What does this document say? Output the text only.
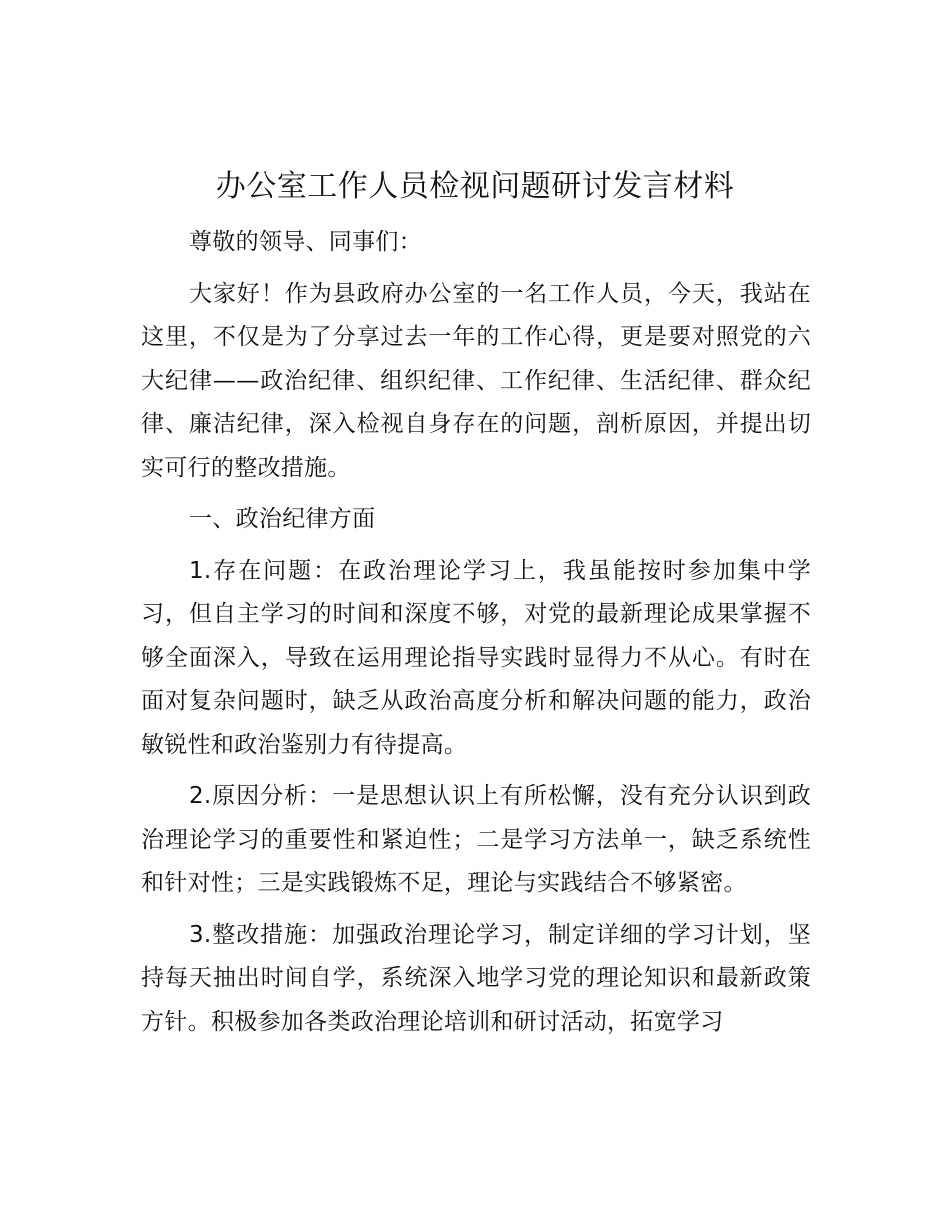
办公室工作人员检视问题研讨发言材料

尊敬的领导、同事们：

大家好！作为县政府办公室的一名工作人员，今天，我站在这里，不仅是为了分享过去一年的工作心得，更是要对照党的六大纪律——政治纪律、组织纪律、工作纪律、生活纪律、群众纪律、廉洁纪律，深入检视自身存在的问题，剖析原因，并提出切实可行的整改措施。

一、政治纪律方面

1.存在问题：在政治理论学习上，我虽能按时参加集中学习，但自主学习的时间和深度不够，对党的最新理论成果掌握不够全面深入，导致在运用理论指导实践时显得力不从心。有时在面对复杂问题时，缺乏从政治高度分析和解决问题的能力，政治敏锐性和政治鉴别力有待提高。

2.原因分析：一是思想认识上有所松懈，没有充分认识到政治理论学习的重要性和紧迫性；二是学习方法单一，缺乏系统性和针对性；三是实践锻炼不足，理论与实践结合不够紧密。

3.整改措施：加强政治理论学习，制定详细的学习计划，坚持每天抽出时间自学，系统深入地学习党的理论知识和最新政策方针。积极参加各类政治理论培训和研讨活动，拓宽学习
